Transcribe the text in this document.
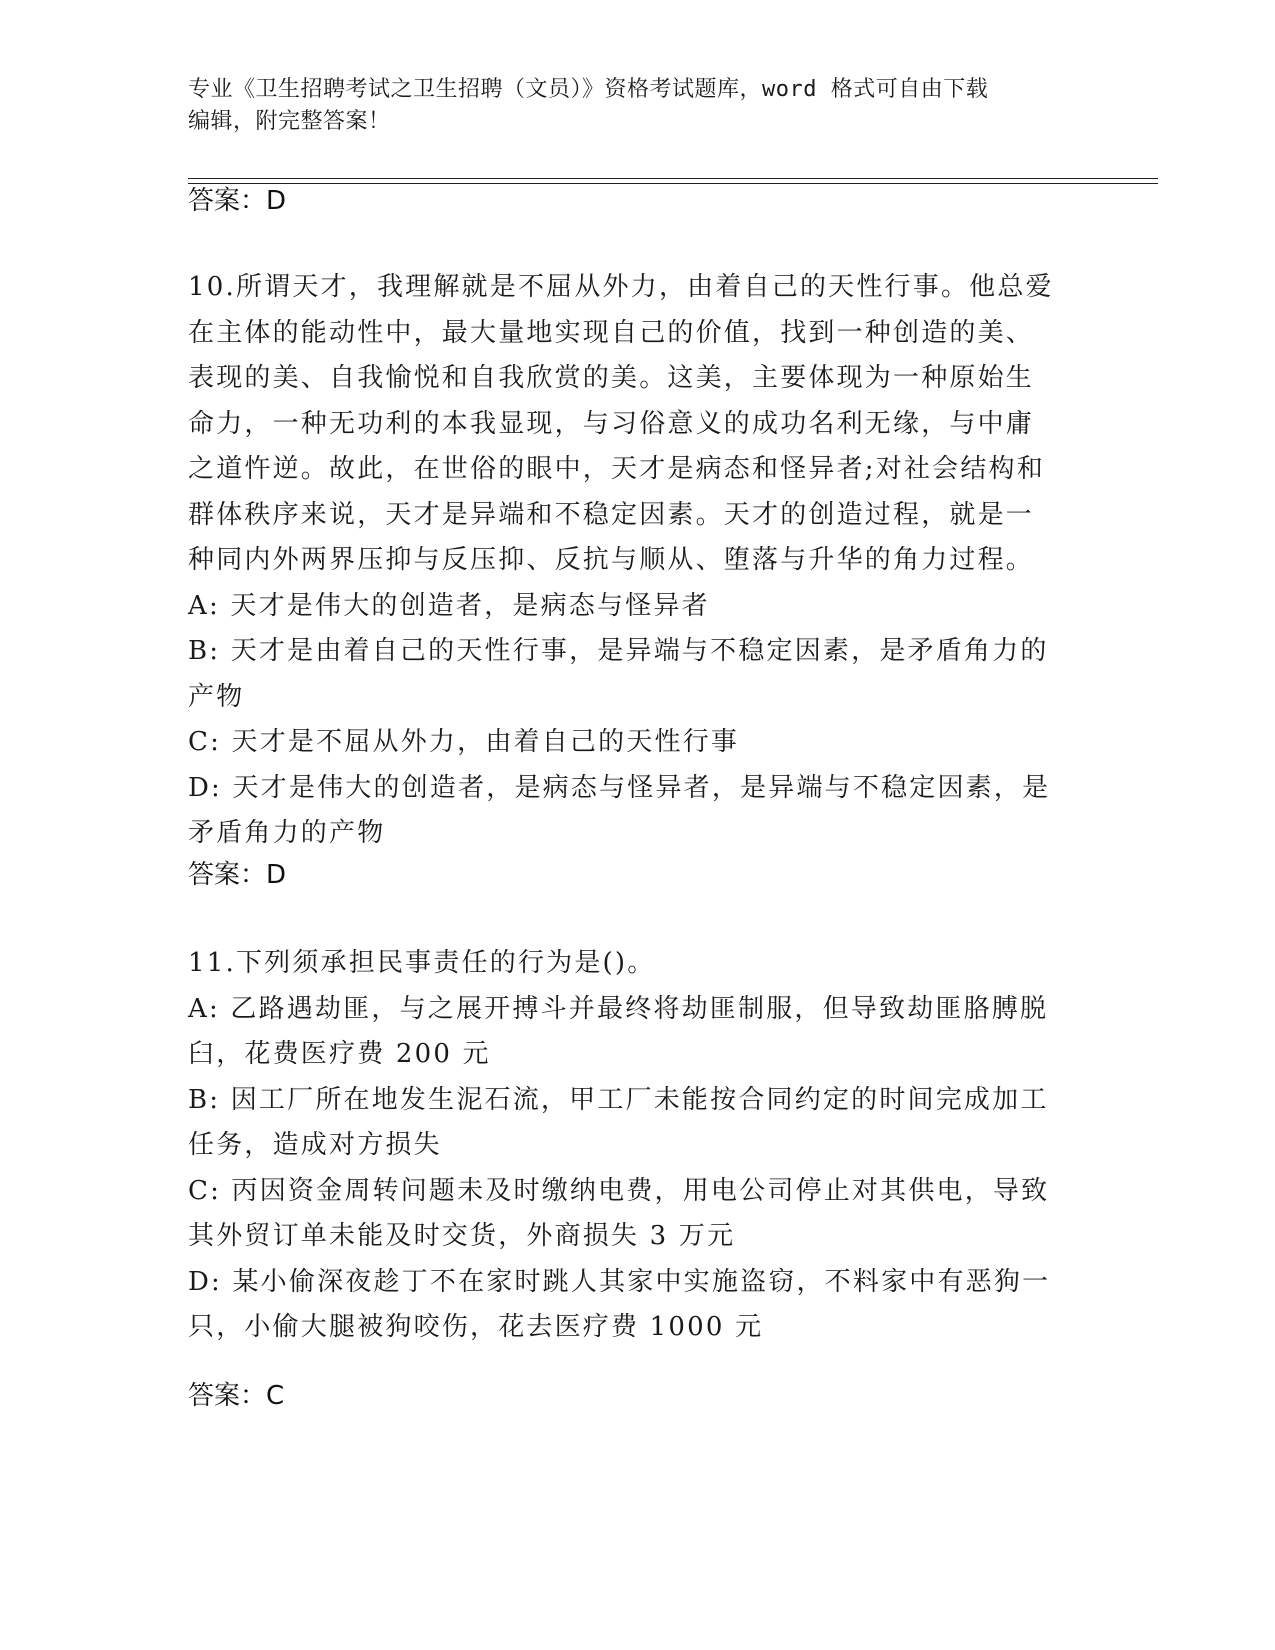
专业《卫生招聘考试之卫生招聘（文员）》资格考试题库，word 格式可自由下载
编辑，附完整答案！
答案：D
10.所谓天才，我理解就是不屈从外力，由着自己的天性行事。他总爱
在主体的能动性中，最大量地实现自己的价值，找到一种创造的美、
表现的美、自我愉悦和自我欣赏的美。这美，主要体现为一种原始生
命力，一种无功利的本我显现，与习俗意义的成功名利无缘，与中庸
之道忤逆。故此，在世俗的眼中，天才是病态和怪异者;对社会结构和
群体秩序来说，天才是异端和不稳定因素。天才的创造过程，就是一
种同内外两界压抑与反压抑、反抗与顺从、堕落与升华的角力过程。
A: 天才是伟大的创造者，是病态与怪异者
B: 天才是由着自己的天性行事，是异端与不稳定因素，是矛盾角力的
产物
C: 天才是不屈从外力，由着自己的天性行事
D: 天才是伟大的创造者，是病态与怪异者，是异端与不稳定因素，是
矛盾角力的产物
答案：D
11.下列须承担民事责任的行为是()。
A: 乙路遇劫匪，与之展开搏斗并最终将劫匪制服，但导致劫匪胳膊脱
臼，花费医疗费 200 元
B: 因工厂所在地发生泥石流，甲工厂未能按合同约定的时间完成加工
任务，造成对方损失
C: 丙因资金周转问题未及时缴纳电费，用电公司停止对其供电，导致
其外贸订单未能及时交货，外商损失 3 万元
D: 某小偷深夜趁丁不在家时跳人其家中实施盗窃，不料家中有恶狗一
只，小偷大腿被狗咬伤，花去医疗费 1000 元
答案：C
